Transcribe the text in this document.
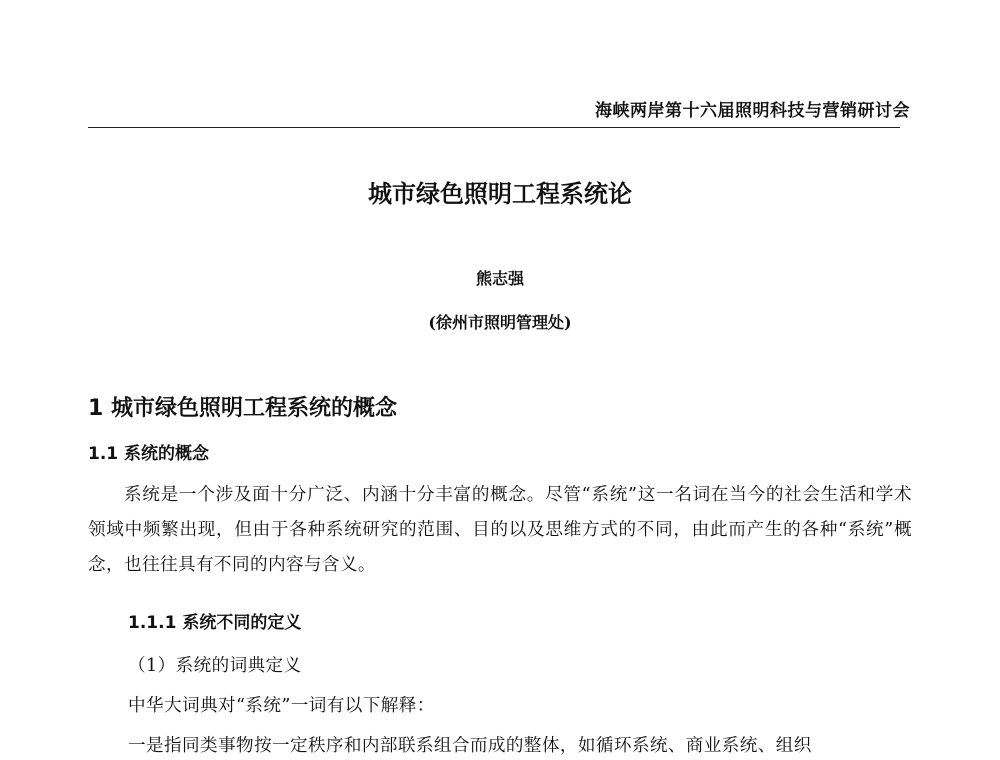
海峡两岸第十六届照明科技与营销研讨会
城市绿色照明工程系统论
熊志强
(徐州市照明管理处)
1 城市绿色照明工程系统的概念
1.1 系统的概念

系统是一个涉及面十分广泛、内涵十分丰富的概念。尽管“系统”这一名词在当今的社会生活和学术领域中频繁出现，但由于各种系统研究的范围、目的以及思维方式的不同，由此而产生的各种“系统”概念，也往往具有不同的内容与含义。

1.1.1 系统不同的定义
（1）系统的词典定义
中华大词典对“系统”一词有以下解释：
一是指同类事物按一定秩序和内部联系组合而成的整体，如循环系统、商业系统、组织
